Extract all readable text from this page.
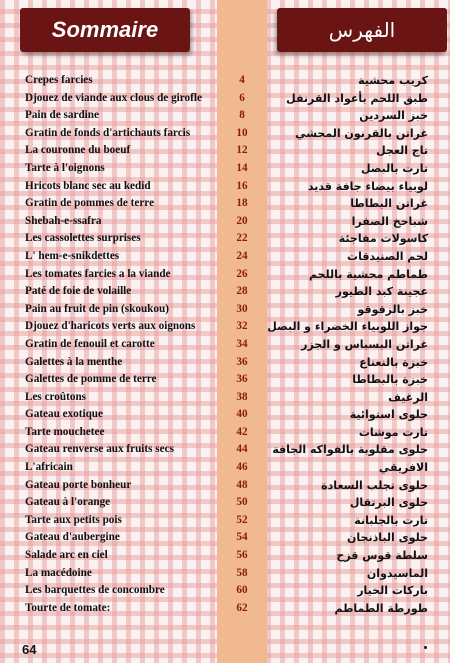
Sommaire	الفهرس
Crepes farcies	4	كريب محشية
Djouez de viande aux clous de girofle	6	طبق اللحم بأعواد القرنفل
Pain de sardine	8	خبز السردين
Gratin de fonds d'artichauts farcis	10	غراتن بالقرنون المحشي
La couronne du boeuf	12	تاج العجل
Tarte à l'oignons	14	تارت بالبصل
Hricots blanc sec au kedid	16	لوبياء بيضاء جافة قديد
Gratin de pommes de terre	18	غراتن البطاطا
Shebah-e-ssafra	20	شباحخ الصفرا
Les cassolettes surprises	22	كاسولات مفاجئة
L' hem-e-snikdettes	24	لحم الصنيدقات
Les tomates farcies a la viande	26	طماطم محشية باللحم
Paté de foie de volaille	28	عجينة كبد الطيور
Pain au fruit de pin (skoukou)	30	خبز بالزقوقو
Djouez d'haricots verts aux oignons	32	جواز اللوبياء الخضراء و البصل
Gratin de fenouil et carotte	34	غراتن البسباس و الجزر
Galettes à la menthe	36	خبزة بالنعناع
Galettes de pomme de terre	36	خبزة بالبطاطا
Les croûtons	38	الرغيف
Gateau exotique	40	حلوى استوائية
Tarte mouchetee	42	تارت موشات
Gateau renverse aux fruits secs	44	حلوى مقلوبة بالفواكه الجافة
L'africain	46	الافريقي
Gateau porte bonheur	48	حلوى تجلب السعادة
Gateau à l'orange	50	حلوى البرتقال
Tarte aux petits pois	52	تارت بالجلبانة
Gateau d'aubergine	54	حلوى الباذنجان
Salade arc en ciel	56	سلطة قوس قزح
La macédoine	58	الماسيدوان
Les barquettes de concombre	60	باركات الخيار
Tourte de tomate:	62	طورطة الطماطم
64
